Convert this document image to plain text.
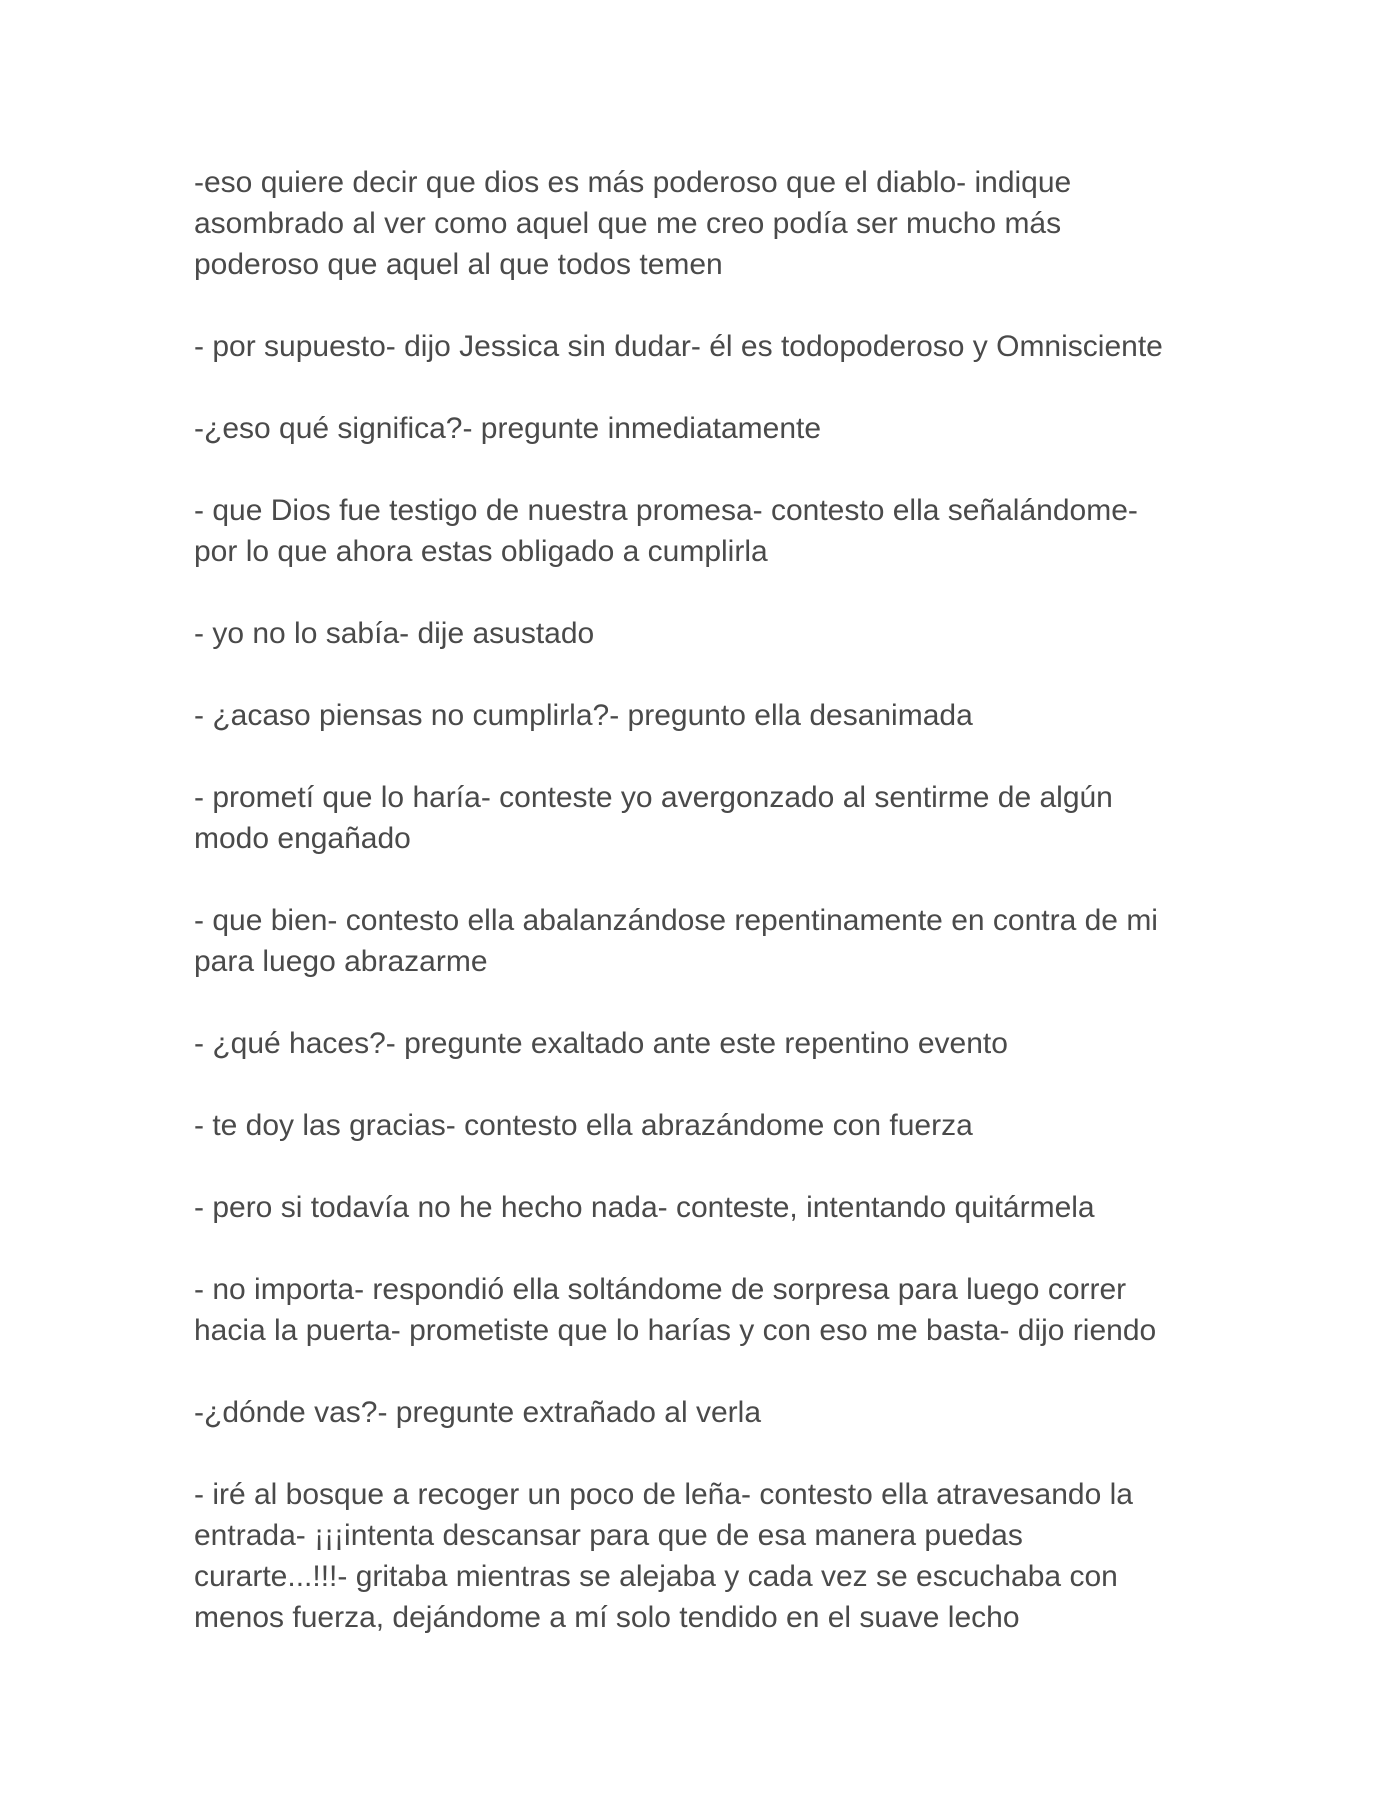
-eso quiere decir que dios es más poderoso que el diablo- indique
asombrado al ver como aquel que me creo podía ser mucho más
poderoso que aquel al que todos temen

- por supuesto- dijo Jessica sin dudar- él es todopoderoso y Omnisciente

-¿eso qué significa?- pregunte inmediatamente

- que Dios fue testigo de nuestra promesa- contesto ella señalándome-
por lo que ahora estas obligado a cumplirla

- yo no lo sabía- dije asustado

- ¿acaso piensas no cumplirla?- pregunto ella desanimada

- prometí que lo haría- conteste yo avergonzado al sentirme de algún
modo engañado

- que bien- contesto ella abalanzándose repentinamente en contra de mi
para luego abrazarme

- ¿qué haces?- pregunte exaltado ante este repentino evento

- te doy las gracias- contesto ella abrazándome con fuerza

- pero si todavía no he hecho nada- conteste, intentando quitármela

- no importa- respondió ella soltándome de sorpresa para luego correr
hacia la puerta- prometiste que lo harías y con eso me basta- dijo riendo

-¿dónde vas?- pregunte extrañado al verla

- iré al bosque a recoger un poco de leña- contesto ella atravesando la
entrada- ¡¡¡intenta descansar para que de esa manera puedas
curarte...!!!- gritaba mientras se alejaba y cada vez se escuchaba con
menos fuerza, dejándome a mí solo tendido en el suave lecho
